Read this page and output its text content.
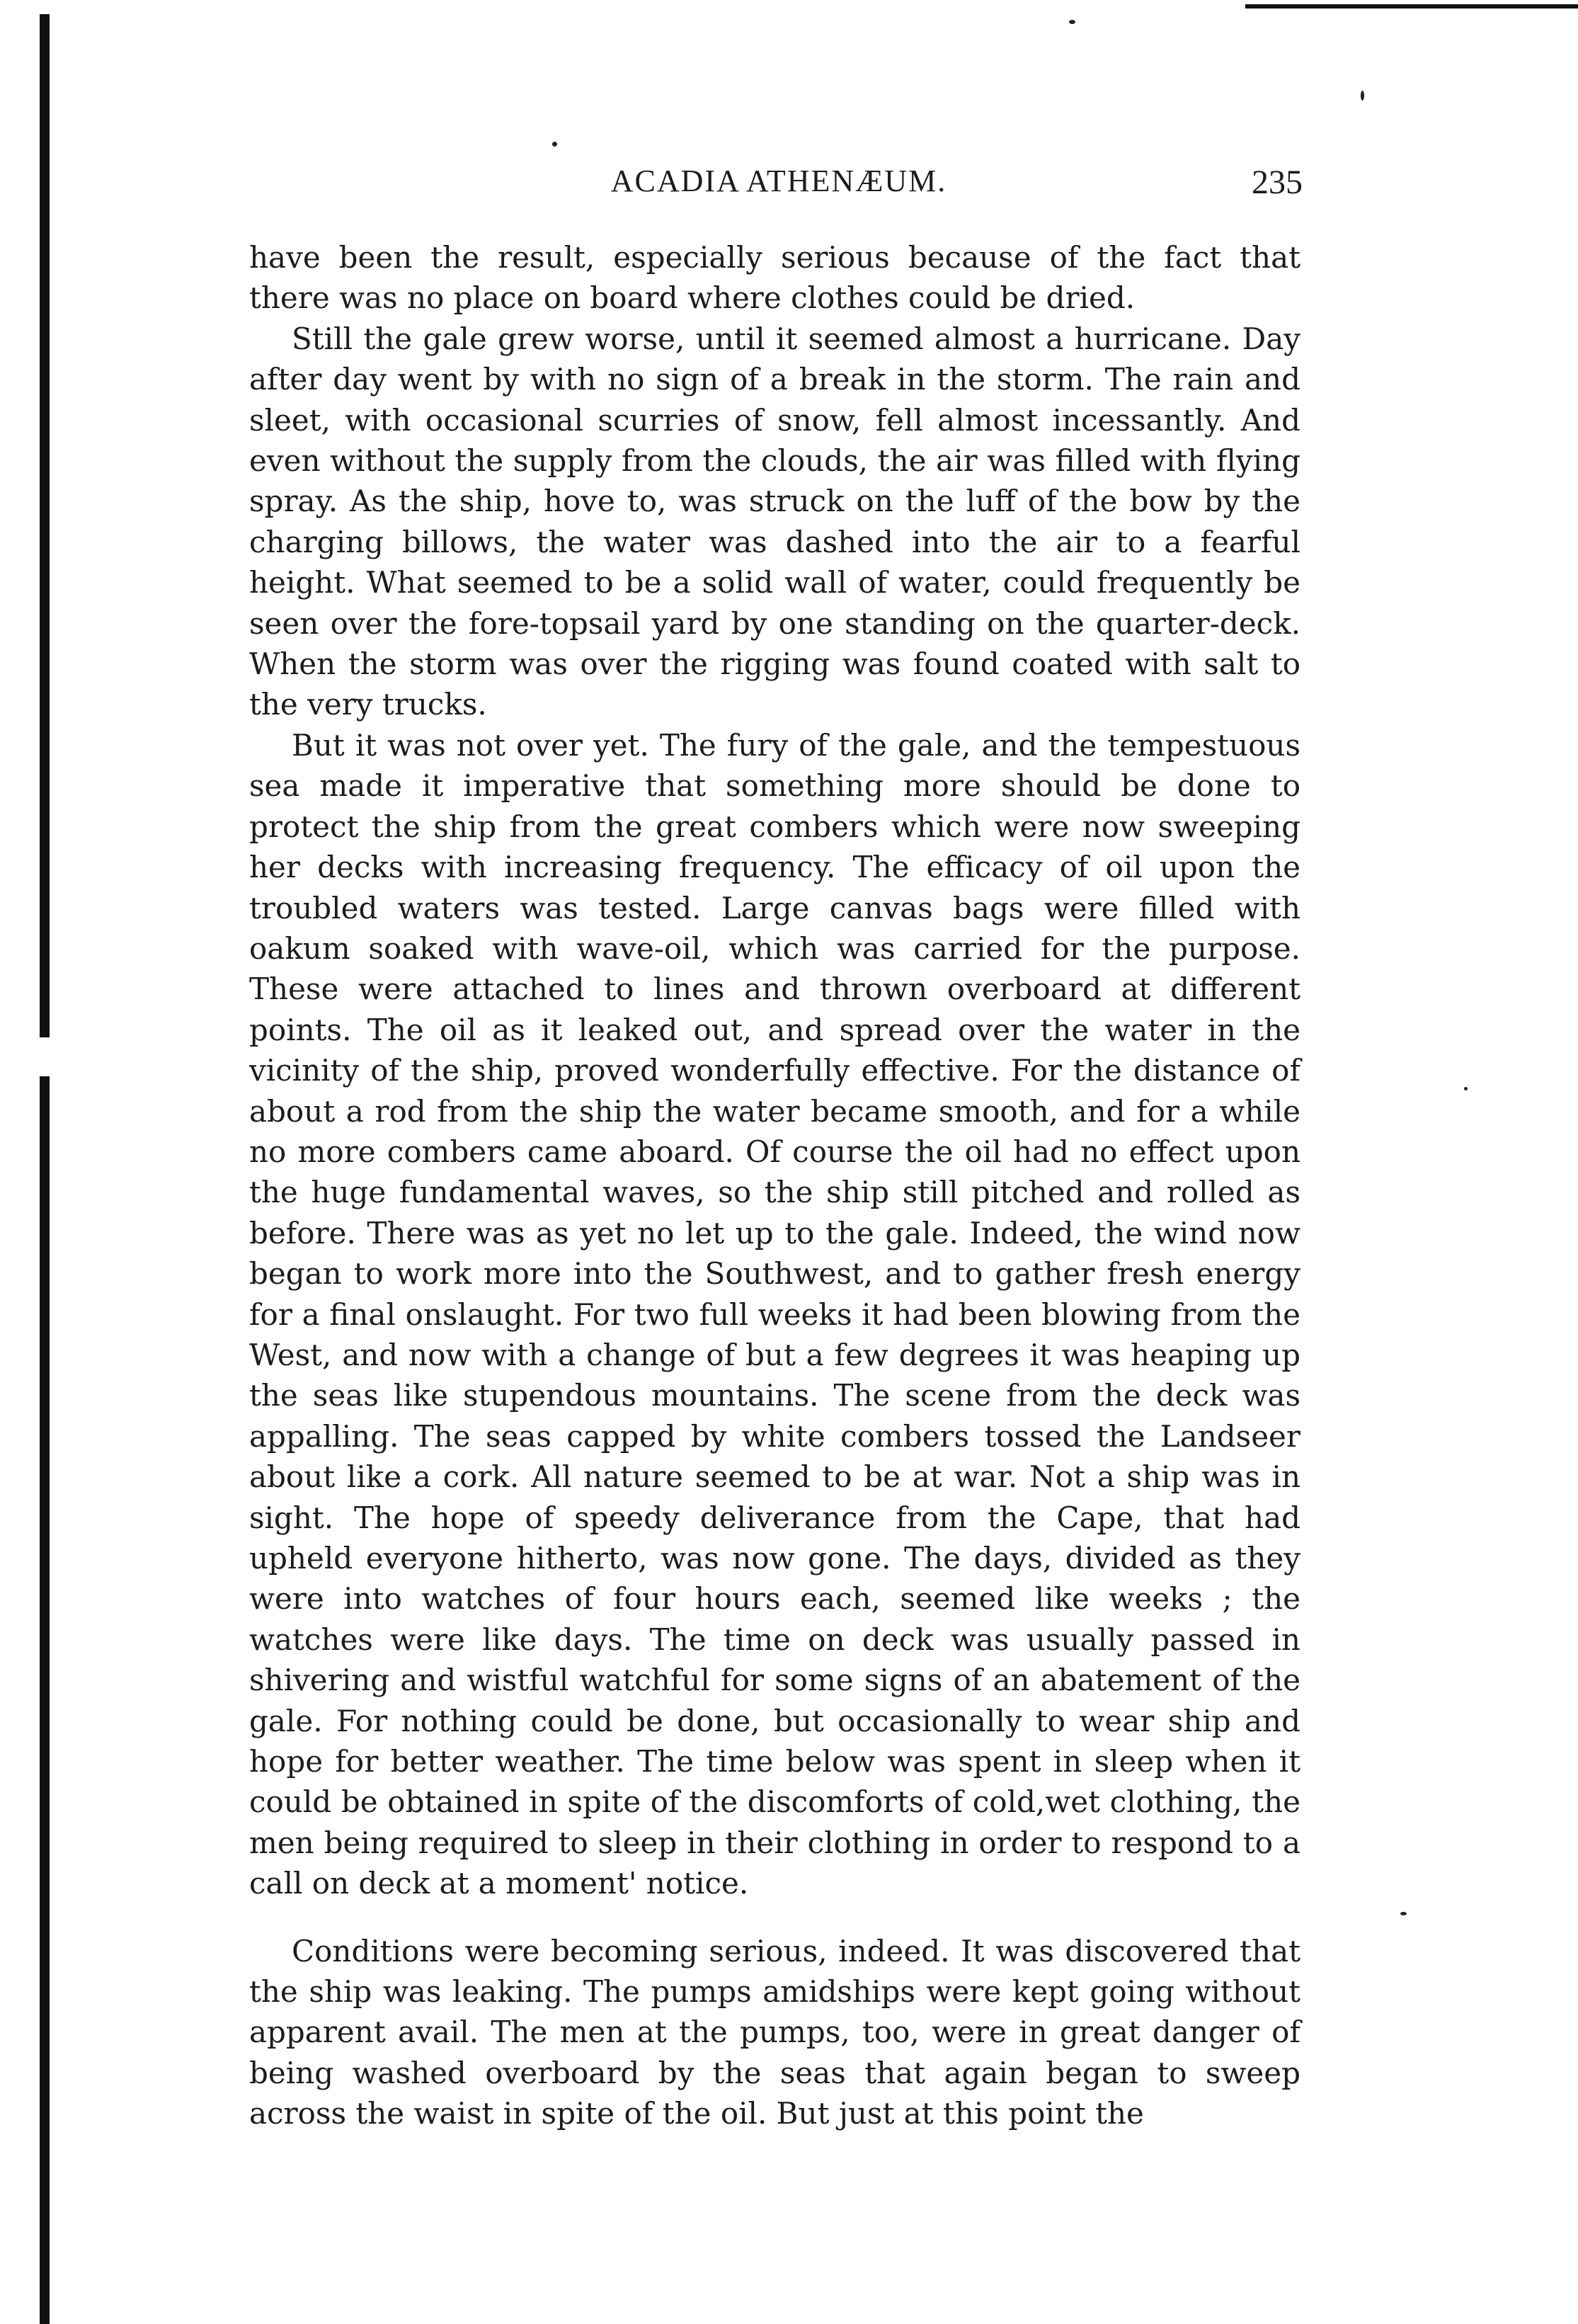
ACADIA ATHENÆUM.	235

have been the result, especially serious because of the fact that there was no place on board where clothes could be dried.

Still the gale grew worse, until it seemed almost a hurricane. Day after day went by with no sign of a break in the storm. The rain and sleet, with occasional scurries of snow, fell almost incessantly. And even without the supply from the clouds, the air was filled with flying spray. As the ship, hove to, was struck on the luff of the bow by the charging billows, the water was dashed into the air to a fearful height. What seemed to be a solid wall of water, could frequently be seen over the fore-topsail yard by one standing on the quarter-deck. When the storm was over the rigging was found coated with salt to the very trucks.

But it was not over yet. The fury of the gale, and the tempestuous sea made it imperative that something more should be done to protect the ship from the great combers which were now sweeping her decks with increasing frequency. The efficacy of oil upon the troubled waters was tested. Large canvas bags were filled with oakum soaked with wave-oil, which was carried for the purpose. These were attached to lines and thrown overboard at different points. The oil as it leaked out, and spread over the water in the vicinity of the ship, proved wonderfully effective. For the distance of about a rod from the ship the water became smooth, and for a while no more combers came aboard. Of course the oil had no effect upon the huge fundamental waves, so the ship still pitched and rolled as before. There was as yet no let up to the gale. Indeed, the wind now began to work more into the Southwest, and to gather fresh energy for a final onslaught. For two full weeks it had been blowing from the West, and now with a change of but a few degrees it was heaping up the seas like stupendous mountains. The scene from the deck was appalling. The seas capped by white combers tossed the Landseer about like a cork. All nature seemed to be at war. Not a ship was in sight. The hope of speedy deliverance from the Cape, that had upheld everyone hitherto, was now gone. The days, divided as they were into watches of four hours each, seemed like weeks ; the watches were like days. The time on deck was usually passed in shivering and wistful watchful for some signs of an abatement of the gale. For nothing could be done, but occasionally to wear ship and hope for better weather. The time below was spent in sleep when it could be obtained in spite of the discomforts of cold,wet clothing, the men being required to sleep in their clothing in order to respond to a call on deck at a moment' notice.

Conditions were becoming serious, indeed. It was discovered that the ship was leaking. The pumps amidships were kept going without apparent avail. The men at the pumps, too, were in great danger of being washed overboard by the seas that again began to sweep across the waist in spite of the oil. But just at this point the
